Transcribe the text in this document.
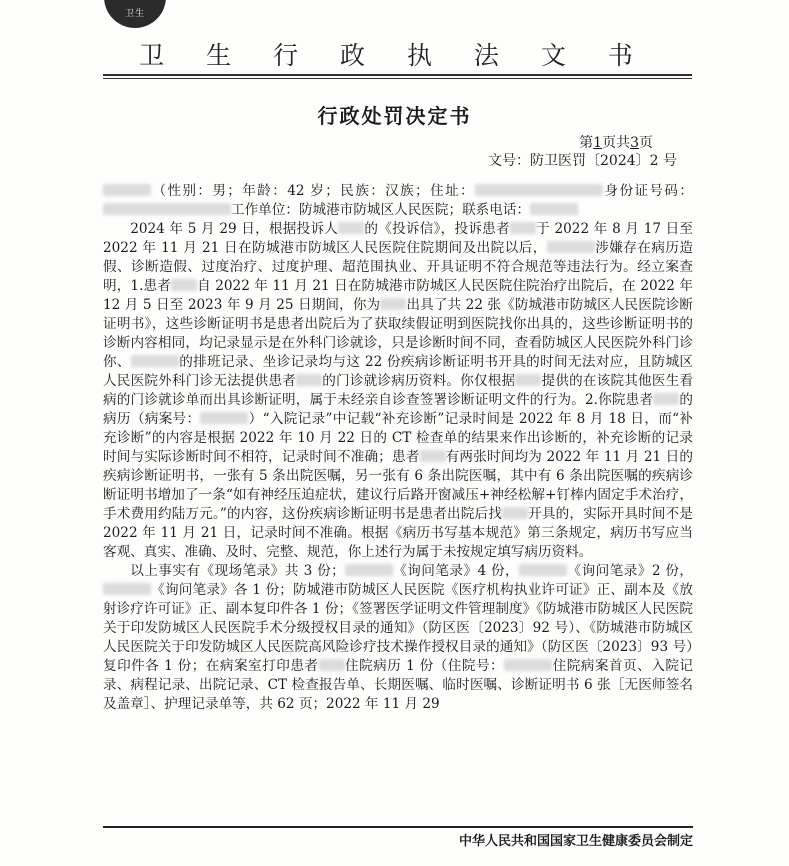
卫生
卫 生 行 政 执 法 文 书
行政处罚决定书
第1页共3页
文号：防卫医罚〔2024〕2 号

（性别：男；年龄：42 岁；民族：汉族；住址：	身份证号码：工作单位：防城港市防城区人民医院；联系电话：

2024 年 5 月 29 日，根据投诉人 的《投诉信》，投诉患者 于 2022 年 8 月 17 日至 2022 年 11 月 21 日在防城港市防城区人民医院住院期间及出院以后，	涉嫌存在病历造假、诊断造假、过度治疗、过度护理、超范围执业、开具证明不符合规范等违法行为。经立案查明，1.患者 自 2022 年 11 月 21 日在防城港市防城区人民医院住院治疗出院后，在 2022 年 12 月 5 日至 2023 年 9 月 25 日期间，你为 出具了共 22 张《防城港市防城区人民医院诊断证明书》，这些诊断证明书是患者出院后为了获取续假证明到医院找你出具的，这些诊断证明书的诊断内容相同，均记录显示是在外科门诊就诊，只是诊断时间不同，查看防城区人民医院外科门诊你、	的排班记录、坐诊记录均与这 22 份疾病诊断证明书开具的时间无法对应，且防城区人民医院外科门诊无法提供患者 的门诊就诊病历资料。你仅根据 提供的在该院其他医生看病的门诊就诊单而出具诊断证明，属于未经亲自诊查签署诊断证明文件的行为。2.你院患者 的病历（病案号：	）“入院记录”中记载“补充诊断”记录时间是 2022 年 8 月 18 日，而“补充诊断”的内容是根据 2022 年 10 月 22 日的 CT 检查单的结果来作出诊断的，补充诊断的记录时间与实际诊断时间不相符，记录时间不准确；患者 有两张时间均为 2022 年 11 月 21 日的疾病诊断证明书，一张有 5 条出院医嘱，另一张有 6 条出院医嘱，其中有 6 条出院医嘱的疾病诊断证明书增加了一条“如有神经压迫症状，建议行后路开窗减压+神经松解+钉棒内固定手术治疗，手术费用约陆万元。”的内容，这份疾病诊断证明书是患者出院后找 开具的，实际开具时间不是 2022 年 11 月 21 日，记录时间不准确。根据《病历书写基本规范》第三条规定，病历书写应当客观、真实、准确、及时、完整、规范，你上述行为属于未按规定填写病历资料。

以上事实有《现场笔录》共 3 份；	《询问笔录》4 份，	《询问笔录》2 份，《询问笔录》各 1 份；防城港市防城区人民医院《医疗机构执业许可证》正、副本及《放射诊疗许可证》正、副本复印件各 1 份；《签署医学证明文件管理制度》《防城港市防城区人民医院关于印发防城区人民医院手术分级授权目录的通知》（防区医〔2023〕92 号）、《防城港市防城区人民医院关于印发防城区人民医院高风险诊疗技术操作授权目录的通知》（防区医〔2023〕93 号）复印件各 1 份；在病案室打印患者 住院病历 1 份（住院号：	住院病案首页、入院记录、病程记录、出院记录、CT 检查报告单、长期医嘱、临时医嘱、诊断证明书 6 张［无医师签名及盖章］、护理记录单等，共 62 页；2022 年 11 月 29

中华人民共和国国家卫生健康委员会制定
